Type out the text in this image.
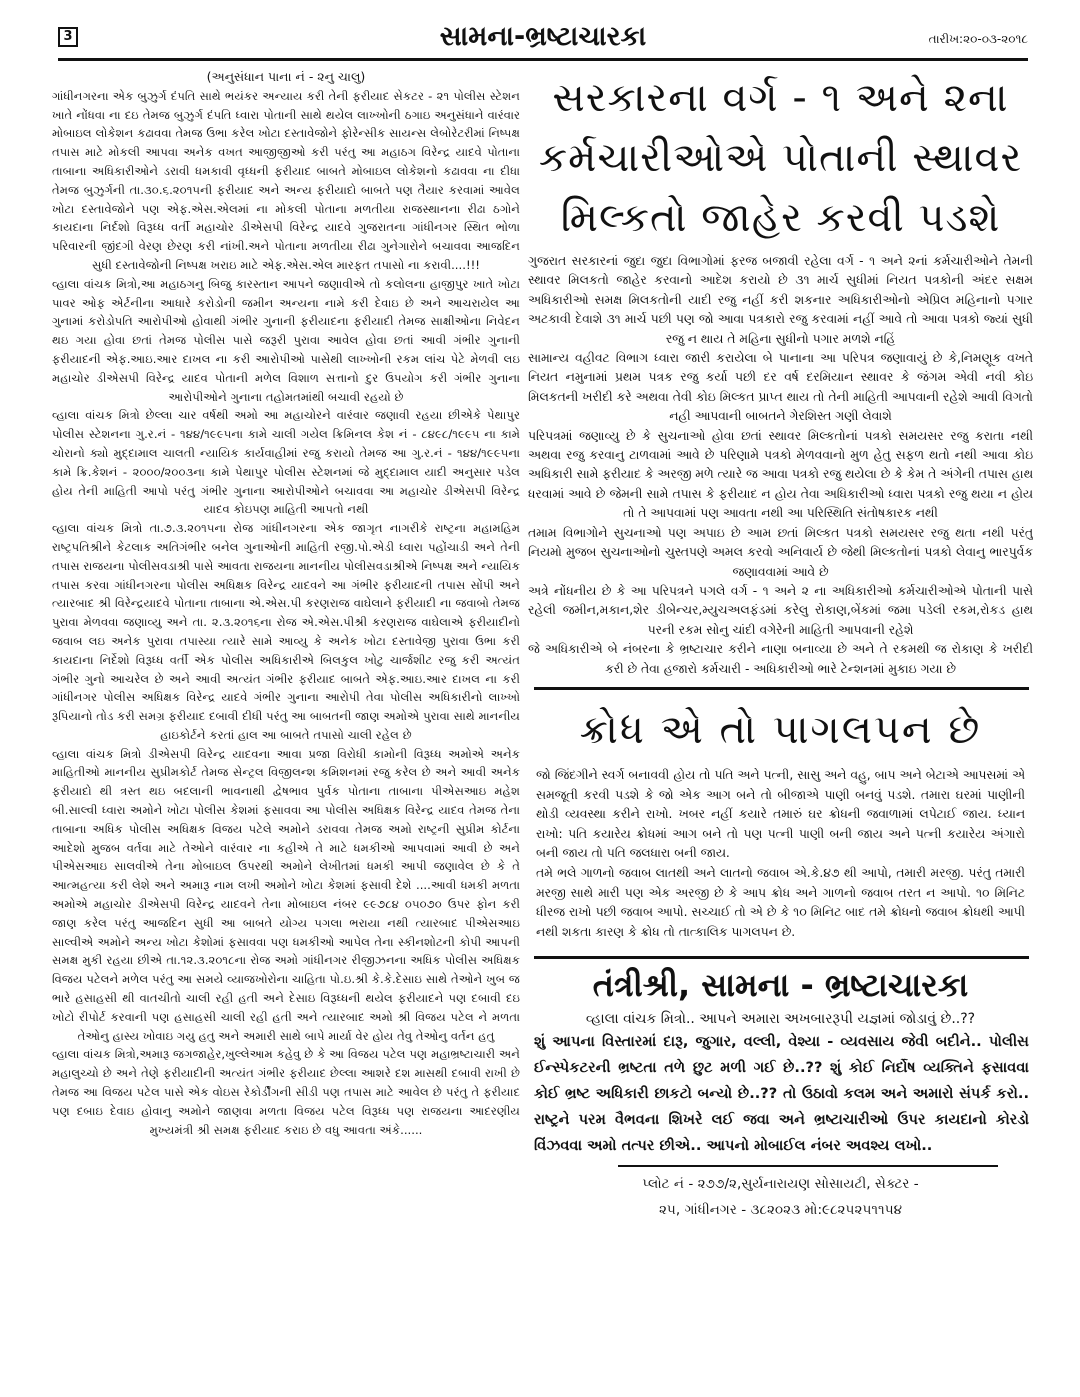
3	સામના-ભ્રષ્ટાચારકા	તારીખ:૨૦-૦૩-૨૦૧૮

(અનુસંધાન પાના નં - ૨નુ ચાલુ)

ગાંધીનગરના એક બુઝુર્ગ દંપતિ સાથે ભયંકર અન્યાય કરી તેની ફરીયાદ સેકટર - ૨૧ પોલીસ સ્ટેશન ખાતે નોંધવા ના દઇ તેમજ બુઝુર્ગ દંપતિ ધ્વારા પોતાની સાથે થયેલ લાખ્ખોની ઠગાઇ અનુસંધાને વારંવાર મોબાઇલ લોકેશન કઢાવવા તેમજ ઉભા કરેલ ખોટા દસ્તાવેજોને ફોરેન્સીક સાયન્સ લેબોરેટરીમાં નિષ્પક્ષ તપાસ માટે મોકલી આપવા અનેક વખત આજીજીઓ કરી પરંતુ આ મહાઠગ વિરેન્દ્ર યાદવે પોતાના તાબાના અધિકારીઓને ડરાવી ધમકાવી વૃધ્ધની ફરીયાદ બાબતે મોબાઇલ લોકેશનો કઢાવવા ના દીધા તેમજ બુઝુર્ગની તા.૩૦.૬.૨૦૧૫ની ફરીયાદ અને અન્ય ફરીયાદો બાબતે પણ તૈયાર કરવામાં આવેલ ખોટા દસ્તાવેજોને પણ એફ.એસ.એલમાં ના મોકલી પોતાના મળતીયા રાજસ્થાનના રીઢા ઠગોને કાયદાના નિર્દશો વિરૂધ્ધ વર્તી મહાચોર ડીએસપી વિરેન્દ્ર યાદવે ગુજરાતના ગાંધીનગર સ્થિત ભોળા પરિવારની જીંદગી વેરણ છેરણ કરી નાંખી.અને પોતાના મળતીયા રીઢા ગુનેગારોને બચાવવા આજદિન સુધી દસ્તાવેજોની નિષ્પક્ષ ખરાઇ માટે એફ.એસ.એલ મારફત તપાસો ના કરાવી....!!!

વ્હાલા વાંચક મિત્રો,આ મહાઠગનુ બિજુ કારસ્તાન આપને જણાવીએ તો કલોલના હાજીપુર ખાતે ખોટા પાવર ઓફ એર્ટનીના આધારે કરોડોની જમીન અન્યના નામે કરી દેવાઇ છે અને આચરાયેલ આ ગુનામાં કરોડોપતિ આરોપીઓ હોવાથી ગંભીર ગુનાની ફરીયાદના ફરીયાદી તેમજ સાક્ષીઓના નિવેદન થઇ ગયા હોવા છતાં તેમજ પોલીસ પાસે જરૂરી પુરાવા આવેલ હોવા છતાં આવી ગંભીર ગુનાની ફરીયાદની એફ.આઇ.આર દાખલ ના કરી આરોપીઓ પાસેથી લાખ્ખોની રકમ લાંચ પેટે મેળવી લઇ મહાચોર ડીએસપી વિરેન્દ્ર યાદવ પોતાની મળેલ વિશાળ સત્તાનો દુર ઉપયોગ કરી ગંભીર ગુનાના આરોપીઓને ગુનાના તહોમતમાંથી બચાવી રહયો છે

વ્હાલા વાંચક મિત્રો છેલ્લા ચાર વર્ષથી અમો આ મહાચોરને વારંવાર જણાવી રહયા છીએકે પેથાપુર પોલીસ સ્ટેશનના ગુ.ર.નં - ૧૪૪/૧૯૯૫ના કામે ચાલી ગયેલ ક્રિમિનલ કેશ નં - ૮૪૯૮/૧૯૯૫ ના કામે ચોરાનો ક્યો મુદ્દામાલ ચાલતી ન્યાયિક કાર્યવાહીમાં રજુ કરાયો તેમજ આ ગુ.ર.નં - ૧૪૪/૧૯૯૫ના કામે ક્રિ.કેશનં - ૨૦૦૦/૨૦૦૩ના કામે પેથાપુર પોલીસ સ્ટેશનમાં જે મુદ્દામાલ યાદી અનુસાર પડેલ હોય તેની માહિતી આપો પરંતુ ગંભીર ગુનાના આરોપીઓને બચાવવા આ મહાચોર ડીએસપી વિરેન્દ્ર યાદવ કોઇપણ માહિતી આપતો નથી

વ્હાલા વાંચક મિત્રો તા.૭.૩.૨૦૧૫ના રોજ ગાંધીનગરના એક જાગૃત નાગરીકે રાષ્ટ્રના મહામહિમ રાષ્ટ્રપતિશ્રીને કેટલાક અતિગંભીર બનેલ ગુનાઓની માહિતી રજી.પો.એડી ધ્વારા પહોંચાડી અને તેની તપાસ રાજયના પોલીસવડાશ્રી પાસે આવતા રાજયના માનનીય પોલીસવડાશ્રીએ નિષ્પક્ષ અને ન્યાયિક તપાસ કરવા ગાંધીનગરના પોલીસ અધિક્ષક વિરેન્દ્ર યાદવને આ ગંભીર ફરીયાદની તપાસ સોંપી અને ત્યારબાદ શ્રી વિરેન્દ્રયાદવે પોતાના તાબાના એ.એસ.પી કરણરાજ વાઘેલાને ફરીયાદી ના જવાબો તેમજ પુરાવા મેળવવા જણાવ્યુ અને તા. ૨.૩.૨૦૧૬ના રોજ એ.એસ.પીશ્રી કરણરાજ વાઘેલાએ ફરીયાદીનો જવાબ લઇ અનેક પુરાવા તપાસ્યા ત્યારે સામે આવ્યુ કે અનેક ખોટા દસ્તાવેજી પુરાવા ઉભા કરી કાયદાના નિર્દેશો વિરૂધ્ધ વર્તી એક પોલીસ અધિકારીએ બિલકુલ ખોટુ ચાર્જશીટ રજુ કરી અત્યંત ગંભીર ગુનો આચરેલ છે અને આવી અત્યંત ગંભીર ફરીયાદ બાબતે એફ.આઇ.આર દાખલ ના કરી ગાંધીનગર પોલીસ અધિક્ષક વિરેન્દ્ર યાદવે ગંભીર ગુનાના આરોપી તેવા પોલીસ અધિકારીનો લાખ્ખો રૂપિયાનો તોડ કરી સમગ્ર ફરીયાદ દબાવી દીધી પરંતુ આ બાબતની જાણ અમોએ પુરાવા સાથે માનનીય હાઇકોર્ટને કરતાં હાલ આ બાબતે તપાસો ચાલી રહેલ છે

વ્હાલા વાંચક મિત્રો ડીએસપી વિરેન્દ્ર યાદવના આવા પ્રજા વિરોધી કામોની વિરૂધ્ધ અમોએ અનેક માહિતીઓ માનનીય સુપ્રીમકોર્ટ તેમજ સેન્ટ્રલ વિજીલન્શ કમિશનમાં રજુ કરેલ છે અને આવી અનેક ફરીયાદો થી ત્રસ્ત થઇ બદલાની ભાવનાથી દ્વેષભાવ પુર્વક પોતાના તાબાના પીએસઆઇ મહેશ બી.સાલ્વી ધ્વારા અમોને ખોટા પોલીસ કેશમાં ફસાવવા આ પોલીસ અધિક્ષક વિરેન્દ્ર યાદવ તેમજ તેના તાબાના અધિક પોલીસ અધિક્ષક વિજય પટેલે અમોને ડરાવવા તેમજ અમો રાષ્ટ્રની સુપ્રીમ કોર્ટના આદેશો મુજબ વર્તવા માટે તેઓને વારંવાર ના કહીએ તે માટે ધમકીઓ આપવામાં આવી છે અને પીએસઆઇ સાલવીએ તેના મોબાઇલ ઉપરથી અમોને લેખીતમાં ધમકી આપી જણાવેલ છે કે તે આત્મહત્યા કરી લેશે અને અમારૂ નામ લખી અમોને ખોટા કેશમાં ફસાવી દેશે ....આવી ધમકી મળતા અમોએ મહાચોર ડીએસપી વિરેન્દ્ર યાદવને તેના મોબાઇલ નંબર ૯૯૭૮૪ ૦૫૦૭૦ ઉપર ફોન કરી જાણ કરેલ પરંતુ આજદિન સુધી આ બાબતે યોગ્ય પગલા ભરાયા નથી ત્યારબાદ પીએસઆઇ સાલ્વીએ અમોને અન્ય ખોટા કેશોમાં ફસાવવા પણ ધમકીઓ આપેલ તેના સ્કીનશોટની કોપી આપની સમક્ષ મુકી રહયા છીએ તા.૧૨.૩.૨૦૧૮ના રોજ અમો ગાંધીનગર રીજીઝનના અધિક પોલીસ અધિક્ષક વિજય પટેલને મળેલ પરંતુ આ સમયે વ્યાજખોરોના ચાહિતા પો.ઇ.શ્રી કે.કે.દેસાઇ સાથે તેઓને ખુબ જ ભારે હસાહસી થી વાતચીતો ચાલી રહી હતી અને દેસાઇ વિરૂધ્ધની થયેલ ફરીયાદને પણ દબાવી દઇ ખોટો રીપોર્ટ કરવાની પણ હસાહસી ચાલી રહી હતી અને ત્યારબાદ અમો શ્રી વિજય પટેલ ને મળતા તેઓનુ હાસ્ય ખોવાઇ ગયુ હતુ અને અમારી સાથે બાપે માર્યા વેર હોય તેવુ તેઓનુ વર્તન હતુ

વ્હાલા વાંચક મિત્રો,અમારૂ જગજાહેર,ખુલ્લેઆમ કહેવુ છે કે આ વિજય પટેલ પણ મહાભ્રષ્ટાચારી અને મહાલુચ્ચો છે અને તેણે ફરીયાદીની અત્યંત ગંભીર ફરીયાદ છેલ્લા આશરે દશ માસથી દબાવી રાખી છે તેમજ આ વિજય પટેલ પાસે એક વોઇસ રેકોર્ડીંગની સીડી પણ તપાસ માટે આવેલ છે પરંતુ તે ફરીયાદ પણ દબાઇ દેવાઇ હોવાનુ અમોને જાણવા મળતા વિજય પટેલ વિરૂધ્ધ પણ રાજયના આદરણીય મુખ્યમંત્રી શ્રી સમક્ષ ફરીયાદ કરાઇ છે વધુ આવતા અંકે......

સરકારના વર્ગ - ૧ અને ૨ના
કર્મચારીઓએ પોતાની સ્થાવર
મિલ્કતો જાહેર કરવી પડશે

ગુજરાત સરકારનાં જુદા જુદા વિભાગોમાં ફરજ બજાવી રહેલા વર્ગ - ૧ અને ૨નાં કર્મચારીઓને તેમની સ્થાવર મિલકતો જાહેર કરવાનો આદેશ કરાયો છે ૩૧ માર્ચ સુધીમાં નિયત પત્રકોની અંદર સક્ષમ અધિકારીઓ સમક્ષ મિલકતોની યાદી રજુ નહીં કરી શકનાર અધિકારીઓનો એપ્રિલ મહિનાનો પગાર અટકાવી દેવાશે ૩૧ માર્ચ પછી પણ જો આવા પત્રકારો રજુ કરવામાં નહીં આવે તો આવા પત્રકો જ્યાં સુધી રજુ ન થાય તે મહિના સુધીનો પગાર મળશે નહિં

સામાન્ય વહીવટ વિભાગ ધ્વારા જારી કરાયેલા બે પાનાના આ પરિપત્ર જણાવાયું છે કે,નિમણૂક વખતે નિયત નમુનામાં પ્રથમ પત્રક રજુ કર્યા પછી દર વર્ષ દરમિયાન સ્થાવર કે જંગમ એવી નવી કોઇ મિલકતની ખરીદી કરે અથવા તેવી કોઇ મિલ્કત પ્રાપ્ત થાય તો તેની માહિતી આપવાની રહેશે આવી વિગતો નહી આપવાની બાબતને ગેરશિસ્ત ગણી લેવાશે

પરિપત્રમાં જણાવ્યુ છે કે સુચનાઓ હોવા છતાં સ્થાવર મિલ્કતોનાં પત્રકો સમયસર રજુ કરાતા નથી અથવા રજુ કરવાનુ ટાળવામાં આવે છે પરિણામે પત્રકો મેળવવાનો મુળ હેતુ સફળ થતો નથી આવા કોઇ અધિકારી સામે ફરીયાદ કે અરજી મળે ત્યારે જ આવા પત્રકો રજુ થયેલા છે કે કેમ તે અંગેની તપાસ હાથ ધરવામાં આવે છે જેમની સામે તપાસ કે ફરીયાદ ન હોય તેવા અધિકારીઓ ધ્વારા પત્રકો રજુ થયા ન હોય તો તે આપવામાં પણ આવતા નથી આ પરિસ્થિતિ સંતોષકારક નથી

તમામ વિભાગોને સુચનાઓ પણ અપાઇ છે આમ છતાં મિલ્કત પત્રકો સમયસર રજુ થતા નથી પરંતુ નિયમો મુજબ સુચનાઓનો ચુસ્તપણે અમલ કરવો અનિવાર્ય છે જેથી મિલ્કતોનાં પત્રકો લેવાનુ ભારપુર્વક જણાવવામાં આવે છે

અત્રે નોંધનીય છે કે આ પરિપત્રને પગલે વર્ગ - ૧ અને ૨ ના અધિકારીઓ કર્મચારીઓએ પોતાની પાસે રહેલી જમીન,મકાન,શેર ડીબેન્ચર,મ્યુચઅલફંડમાં કરેલુ રોકાણ,બેંકમાં જમા પડેલી રકમ,રોકડ હાથ પરની રકમ સોનુ ચાંદી વગેરેની માહિતી આપવાની રહેશે

જે અધિકારીએ બે નંબરના કે ભ્રષ્ટાચાર કરીને નાણા બનાવ્યા છે અને તે રકમથી જ રોકાણ કે ખરીદી કરી છે તેવા હજારો કર્મચારી - અધિકારીઓ ભારે ટેન્શનમાં મુકાઇ ગયા છે

ક્રોધ એ તો પાગલપન છે

જો જિંદગીને સ્વર્ગ બનાવવી હોય તો પતિ અને પત્ની, સાસુ અને વહુ, બાપ અને બેટાએ આપસમાં એ સમજૂતી કરવી પડશે કે જો એક આગ બને તો બીજાએ પાણી બનવું પડશે. તમારા ઘરમાં પાણીની થોડી વ્યવસ્થા કરીને રાખો. ખબર નહીં કયારે તમારું ઘર ક્રોધની જવાળામાં લપેટાઈ જાય. ધ્યાન રાખો: પતિ કયારેય ક્રોધમાં આગ બને તો પણ પત્ની પાણી બની જાય અને પત્ની કયારેય અંગારો બની જાય તો પતિ જલધારા બની જાય.

તમે ભલે ગાળનો જવાબ લાતથી અને લાતનો જવાબ એ.કે.૪૭ થી આપો, તમારી મરજી. પરંતુ તમારી મરજી સાથે મારી પણ એક અરજી છે કે આપ ક્રોધ અને ગાળનો જવાબ તરત ન આપો. ૧૦ મિનિટ ધીરજ રાખો પછી જવાબ આપો. સચ્ચાઈ તો એ છે કે ૧૦ મિનિટ બાદ તમે ક્રોધનો જવાબ ક્રોધથી આપી નથી શકતા કારણ કે ક્રોધ તો તાત્કાલિક પાગલપન છે.

તંત્રીશ્રી, સામના - ભ્રષ્ટાચારકા
વ્હાલા વાંચક મિત્રો.. આપને અમારા અખબારરૂપી યજ્ઞમાં જોડાવું છે..??
શું આપના વિસ્તારમાં દારૂ, જુગાર, વલ્લી, વેશ્યા - વ્યવસાય જેવી બદીને.. પોલીસ ઈન્સ્પેકટરની ભ્રષ્ટતા તળે છુટ મળી ગઈ છે..?? શું કોઈ નિર્દોષ વ્યક્તિને ફસાવવા કોઈ ભ્રષ્ટ અધિકારી છાકટો બન્યો છે..?? તો ઉઠાવો કલમ અને અમારો સંપર્ક કરો.. રાષ્ટ્રને પરમ વૈભવના શિખરે લઈ જવા અને ભ્રષ્ટાચારીઓ ઉપર કાયદાનો કોરડો વિંઝવવા અમો તત્પર છીએ.. આપનો મોબાઈલ નંબર અવશ્ય લખો..
પ્લોટ નં - ૨૭૭/૨,સુર્યનારાયણ સોસાયટી, સેક્ટર -
૨૫, ગાંધીનગર - ૩૮૨૦૨૩ મો:૯૮૨૫૨૫૧૧૫૪
